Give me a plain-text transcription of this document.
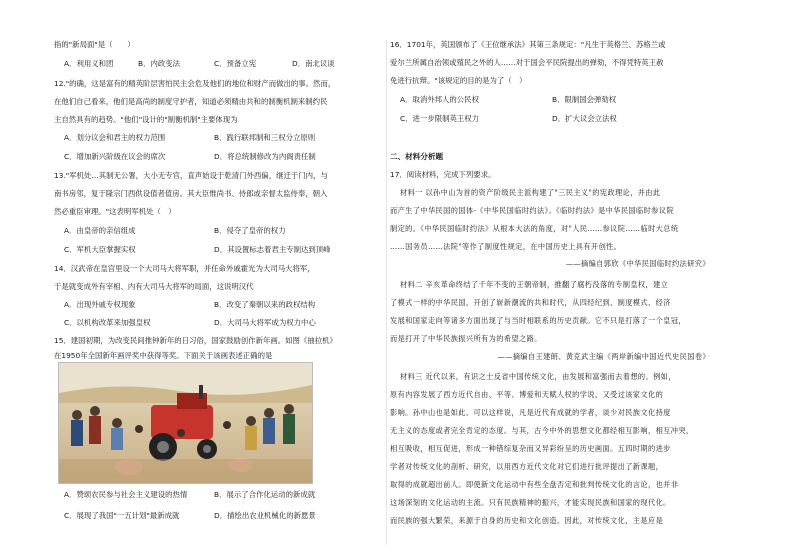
指的"新局面"是（　　）
A．利用义和团	B．内政变法	C．预备立宪	D．南北议谈
12."的确，这是富有的精英阶层害怕民主会危及他们的地位和财产而做出的事。然而，
在他们自己看来，他们是高尚的制度守护者，知道必须精由共和的制衡机制来制约民
主自然具有的趋势。"他们"设计的"制衡机制"主要体现为
A．划分议会和君主的权力范围	B．践行联邦制和三权分立原则
C．增加新兴阶级在议会的席次	D．将总统制修改为内阁责任制
13."军机处…其制无公署，大小无专官，直声始设于乾清门外西偏，继迁于门内，与
南书房邻，复于隆宗门西供设值者值房。其大臣惟尚书、侍郎或亲督太监侍奉，朝入
然必重臣审理。"这表明军机处（　）
A．由皇帝的亲信组成	B．侵夺了皇帝的权力
C．军机大臣掌握实权	D．其设置标志着君主专制达到顶峰
14．汉武帝在皇宫里设一个大司马大将军职，并任命外戚霍光为大司马大将军，
于是就变成外有宰相、内有大司马大将军的局面，这说明汉代
A．出现外戚专权现象	B．改变了秦朝以来的政权结构
C．以机构改革来加强皇权	D．大司马大将军成为权力中心
15．建国初期，为改变民间推钟新年的日习俗，国家鼓励创作新年画。如图《抽拉机》
在1950年全国新年画评奖中获得等奖。下面关于该画表述正确的是
A．赞颂农民参与社会主义建设的热情	B．展示了合作化运动的新成就
C．展现了我国"一五计划"最新成就	D．描绘出农业机械化的新愿景
16．1701年，英国颁布了《王位继承法》其第三条规定："凡生于英格兰、苏格兰或
爱尔兰所属自治领或殖民之外的人……对于国会平民院提出的弹劾，不得凭特英王赦
免进行抗辩。"该规定的目的是为了（　）
A．取消外邦人的公民权	B．限制国会弹劾权
C．进一步限制英王权力	D．扩大议会立法权
二、材料分析题
17．阅读材料，完成下列要求。
材料一 以孙中山为首的资产阶级民主派构建了"三民主义"的宪政理论，并由此
而产生了中华民国的国体-《中华民国临时约法》。《临时约法》是中华民国临时参议院
制定的。《中华民国临时约法》从根本大法的角度，对"人民……参议院……临时大总统
……国务员……法院"等作了制度性规定，在中国历史上具有开创性。
——摘编自郭欣《中华民国临时约法研究》
材料二 辛亥革命终结了千年不变的王朝帝制，推翻了腐朽没落的专制皇权，建立
了模式一样的中华民国，开创了崭新潮流的共和时代，从四经纪到、制度模式、经济
发展和国家走向等诸多方面出现了与当时相联系的历史贡献。它不只是打落了一个皇冠，
而是打开了中华民族振兴所有为的希望之路。
——摘编自王建朗、黄克武主编《两岸新编中国近代史民国卷》
材料三 近代以来，有识之士反省中国传统文化，由发展和富强而去着想的。例如，
原有内容发展了西方近代自由、平等、博爱和天赋人权的学说，又受过该家文化的
影响。孙中山也是如此。可以这样说，凡是近代有成就的学者，谈少对民族文化持度
无主义的态度或者完全肯定的态度。与其，古今中外的思想文化都经相互影响，相互冲突，
相互吸收，相互促进，形成一种错综复杂而又异彩纷呈的历史画面。五四时期的进步
学者对传统文化的剖析、研究，以用西方近代文化对它们进行批评提出了新课题，
取得的成就超出前人。即使新文化运动中有些全盘否定和批判传统文化的言论，也并非
这场深刻的文化运动的主流。只有民族精神的振兴，才能实现民族和国家的现代化。
而民族的强大繁荣，来源于自身的历史和文化创造。因此，对传统文化，主是应是
